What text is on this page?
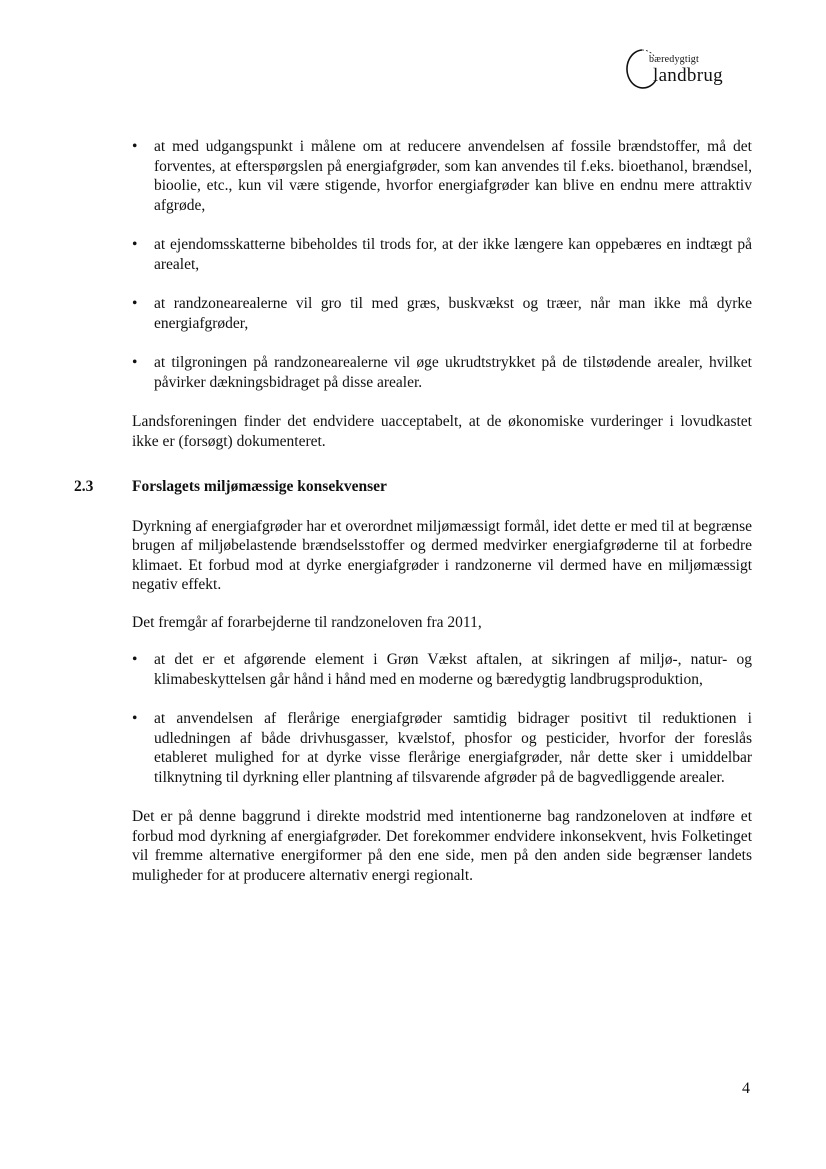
bæredygtigt
landbrug
•	at med udgangspunkt i målene om at reducere anvendelsen af fossile brændstoffer, må det forventes, at efterspørgslen på energiafgrøder, som kan anvendes til f.eks. bioethanol, brændsel, bioolie, etc., kun vil være stigende, hvorfor energiafgrøder kan blive en endnu mere attraktiv afgrøde,
•	at ejendomsskatterne bibeholdes til trods for, at der ikke længere kan oppebæres en indtægt på arealet,
•	at randzonearealerne vil gro til med græs, buskvækst og træer, når man ikke må dyrke energiafgrøder,
•	at tilgroningen på randzonearealerne vil øge ukrudtstrykket på de tilstødende arealer, hvilket påvirker dækningsbidraget på disse arealer.

Landsforeningen finder det endvidere uacceptabelt, at de økonomiske vurderinger i lovudkastet ikke er (forsøgt) dokumenteret.

2.3 Forslagets miljømæssige konsekvenser

Dyrkning af energiafgrøder har et overordnet miljømæssigt formål, idet dette er med til at begrænse brugen af miljøbelastende brændselsstoffer og dermed medvirker energiafgrøderne til at forbedre klimaet. Et forbud mod at dyrke energiafgrøder i randzonerne vil dermed have en miljømæssigt negativ effekt.

Det fremgår af forarbejderne til randzoneloven fra 2011,

•	at det er et afgørende element i Grøn Vækst aftalen, at sikringen af miljø-, natur- og klimabeskyttelsen går hånd i hånd med en moderne og bæredygtig landbrugsproduktion,
•	at anvendelsen af flerårige energiafgrøder samtidig bidrager positivt til reduktionen i udledningen af både drivhusgasser, kvælstof, phosfor og pesticider, hvorfor der foreslås etableret mulighed for at dyrke visse flerårige energiafgrøder, når dette sker i umiddelbar tilknytning til dyrkning eller plantning af tilsvarende afgrøder på de bagvedliggende arealer.

Det er på denne baggrund i direkte modstrid med intentionerne bag randzoneloven at indføre et forbud mod dyrkning af energiafgrøder. Det forekommer endvidere inkonsekvent, hvis Folketinget vil fremme alternative energiformer på den ene side, men på den anden side begrænser landets muligheder for at producere alternativ energi regionalt.

4
